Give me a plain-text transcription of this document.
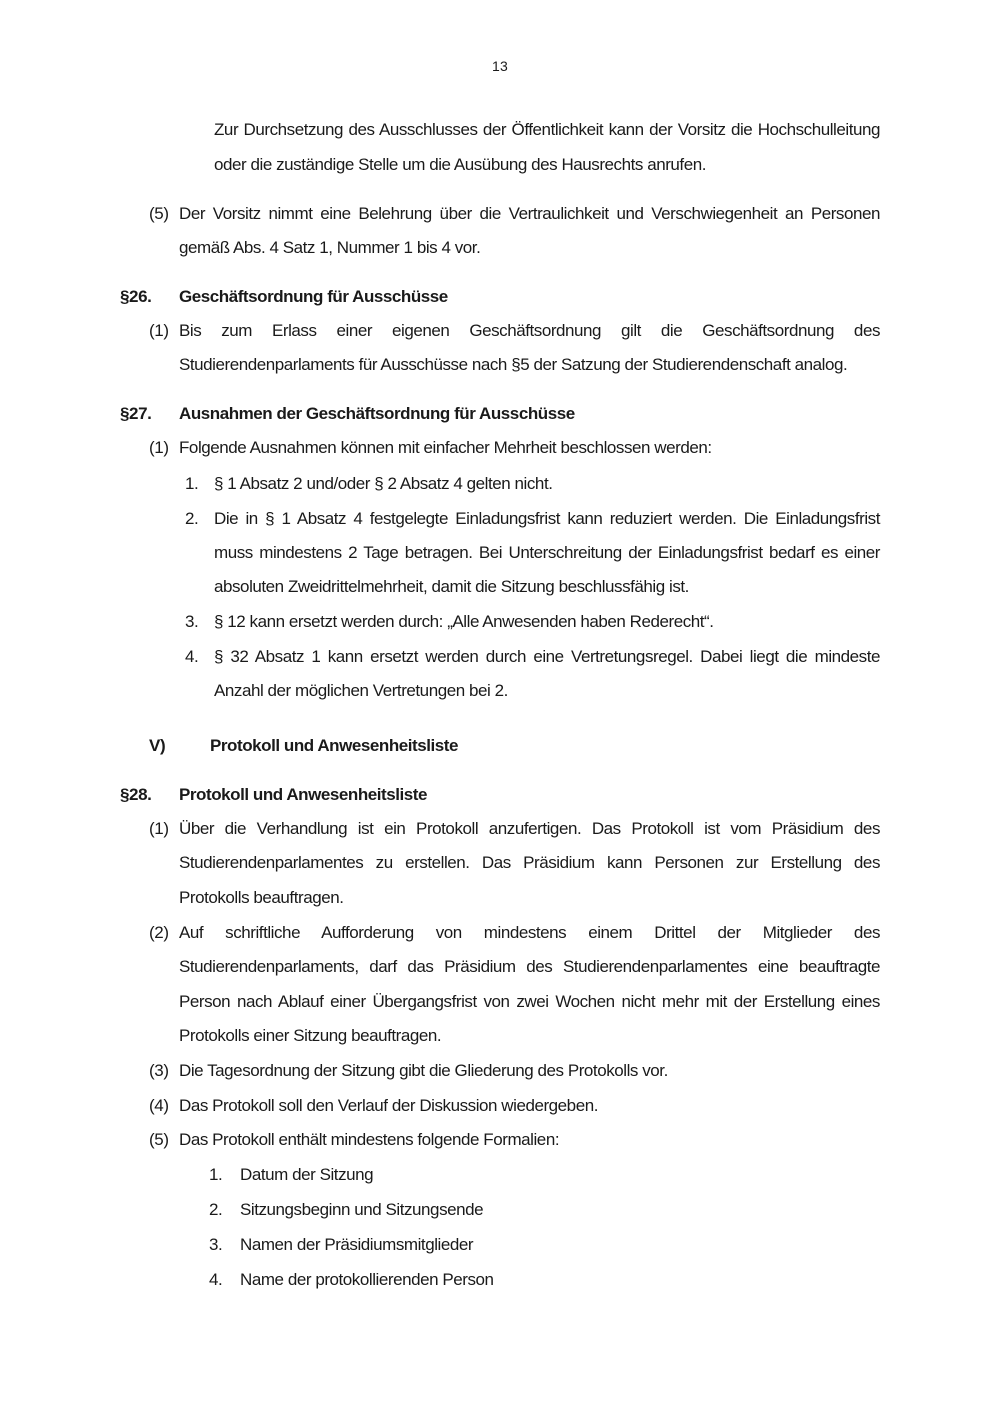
13
Zur Durchsetzung des Ausschlusses der Öffentlichkeit kann der Vorsitz die Hochschulleitung
oder die zuständige Stelle um die Ausübung des Hausrechts anrufen.
(5) Der Vorsitz nimmt eine Belehrung über die Vertraulichkeit und Verschwiegenheit an Personen
gemäß Abs. 4 Satz 1, Nummer 1 bis 4 vor.
§26. Geschäftsordnung für Ausschüsse
(1) Bis zum Erlass einer eigenen Geschäftsordnung gilt die Geschäftsordnung des
Studierendenparlaments für Ausschüsse nach §5 der Satzung der Studierendenschaft analog.
§27. Ausnahmen der Geschäftsordnung für Ausschüsse
(1) Folgende Ausnahmen können mit einfacher Mehrheit beschlossen werden:
1. § 1 Absatz 2 und/oder § 2 Absatz 4 gelten nicht.
2. Die in § 1 Absatz 4 festgelegte Einladungsfrist kann reduziert werden. Die Einladungsfrist
muss mindestens 2 Tage betragen. Bei Unterschreitung der Einladungsfrist bedarf es einer
absoluten Zweidrittelmehrheit, damit die Sitzung beschlussfähig ist.
3. § 12 kann ersetzt werden durch: „Alle Anwesenden haben Rederecht“.
4. § 32 Absatz 1 kann ersetzt werden durch eine Vertretungsregel. Dabei liegt die mindeste
Anzahl der möglichen Vertretungen bei 2.
V)	Protokoll und Anwesenheitsliste
§28. Protokoll und Anwesenheitsliste
(1) Über die Verhandlung ist ein Protokoll anzufertigen. Das Protokoll ist vom Präsidium des
Studierendenparlamentes zu erstellen. Das Präsidium kann Personen zur Erstellung des
Protokolls beauftragen.
(2) Auf schriftliche Aufforderung von mindestens einem Drittel der Mitglieder des
Studierendenparlaments, darf das Präsidium des Studierendenparlamentes eine beauftragte
Person nach Ablauf einer Übergangsfrist von zwei Wochen nicht mehr mit der Erstellung eines
Protokolls einer Sitzung beauftragen.
(3) Die Tagesordnung der Sitzung gibt die Gliederung des Protokolls vor.
(4) Das Protokoll soll den Verlauf der Diskussion wiedergeben.
(5) Das Protokoll enthält mindestens folgende Formalien:
1. Datum der Sitzung
2. Sitzungsbeginn und Sitzungsende
3. Namen der Präsidiumsmitglieder
4. Name der protokollierenden Person
